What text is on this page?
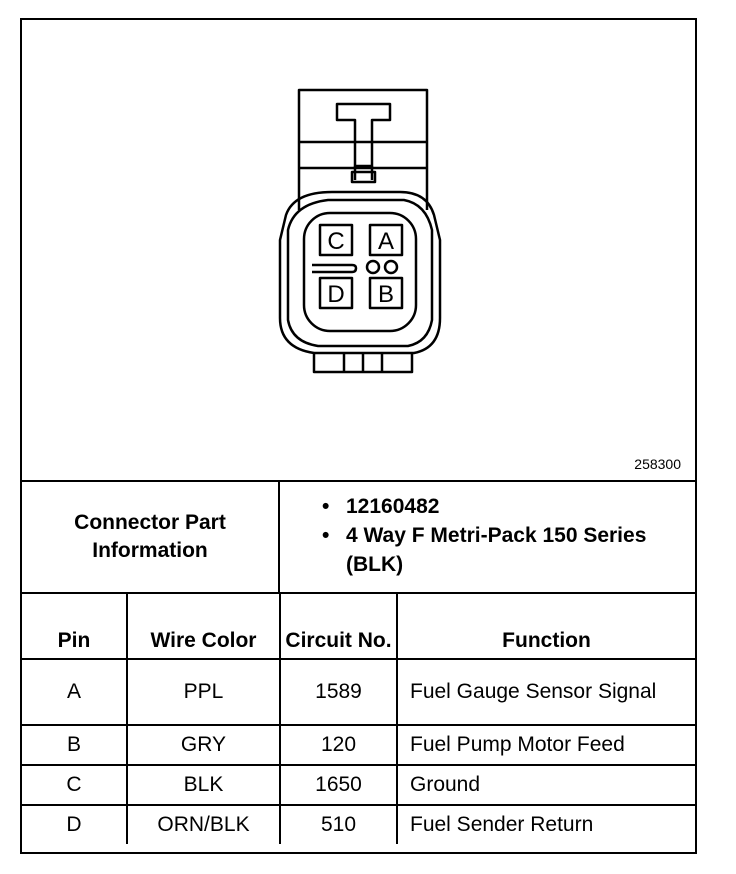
C A
D B
258300
Connector Part Information
• 12160482
• 4 Way F Metri-Pack 150 Series (BLK)
Pin	Wire Color	Circuit No.	Function
A	PPL	1589	Fuel Gauge Sensor Signal
B	GRY	120	Fuel Pump Motor Feed
C	BLK	1650	Ground
D	ORN/BLK	510	Fuel Sender Return
